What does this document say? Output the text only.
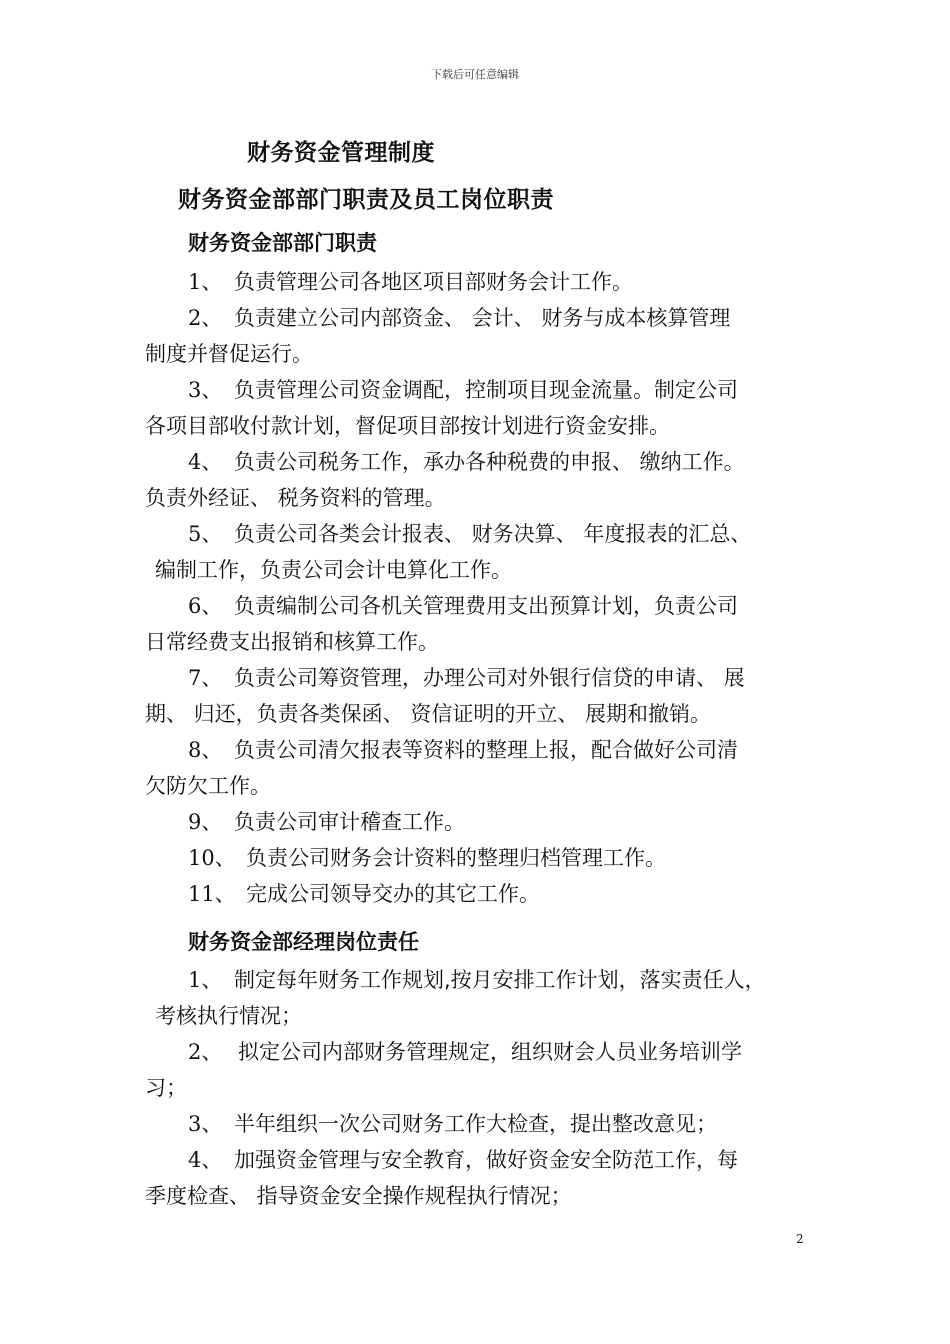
下载后可任意编辑
财务资金管理制度
财务资金部部门职责及员工岗位职责
财务资金部部门职责
1、 负责管理公司各地区项目部财务会计工作。
2、 负责建立公司内部资金、 会计、 财务与成本核算管理
制度并督促运行。
3、 负责管理公司资金调配，控制项目现金流量。制定公司
各项目部收付款计划，督促项目部按计划进行资金安排。
4、 负责公司税务工作，承办各种税费的申报、 缴纳工作。
负责外经证、 税务资料的管理。
5、 负责公司各类会计报表、 财务决算、 年度报表的汇总、
编制工作，负责公司会计电算化工作。
6、 负责编制公司各机关管理费用支出预算计划，负责公司
日常经费支出报销和核算工作。
7、 负责公司筹资管理，办理公司对外银行信贷的申请、 展
期、 归还，负责各类保函、 资信证明的开立、 展期和撤销。
8、 负责公司清欠报表等资料的整理上报，配合做好公司清
欠防欠工作。
9、 负责公司审计稽查工作。
10、 负责公司财务会计资料的整理归档管理工作。
11、 完成公司领导交办的其它工作。
财务资金部经理岗位责任
1、 制定每年财务工作规划,按月安排工作计划，落实责任人，
考核执行情况；
2、 拟定公司内部财务管理规定，组织财会人员业务培训学
习；
3、 半年组织一次公司财务工作大检查，提出整改意见；
4、 加强资金管理与安全教育，做好资金安全防范工作，每
季度检查、 指导资金安全操作规程执行情况；
2
